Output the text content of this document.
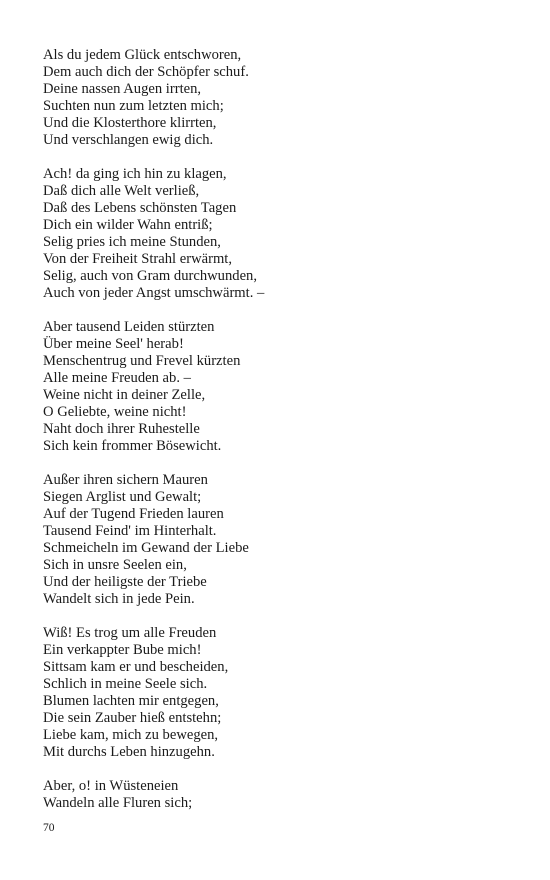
Als du jedem Glück entschworen,
Dem auch dich der Schöpfer schuf.
Deine nassen Augen irrten,
Suchten nun zum letzten mich;
Und die Klosterthore klirrten,
Und verschlangen ewig dich.
Ach! da ging ich hin zu klagen,
Daß dich alle Welt verließ,
Daß des Lebens schönsten Tagen
Dich ein wilder Wahn entriß;
Selig pries ich meine Stunden,
Von der Freiheit Strahl erwärmt,
Selig, auch von Gram durchwunden,
Auch von jeder Angst umschwärmt. –
Aber tausend Leiden stürzten
Über meine Seel' herab!
Menschentrug und Frevel kürzten
Alle meine Freuden ab. –
Weine nicht in deiner Zelle,
O Geliebte, weine nicht!
Naht doch ihrer Ruhestelle
Sich kein frommer Bösewicht.
Außer ihren sichern Mauren
Siegen Arglist und Gewalt;
Auf der Tugend Frieden lauren
Tausend Feind' im Hinterhalt.
Schmeicheln im Gewand der Liebe
Sich in unsre Seelen ein,
Und der heiligste der Triebe
Wandelt sich in jede Pein.
Wiß! Es trog um alle Freuden
Ein verkappter Bube mich!
Sittsam kam er und bescheiden,
Schlich in meine Seele sich.
Blumen lachten mir entgegen,
Die sein Zauber hieß entstehn;
Liebe kam, mich zu bewegen,
Mit durchs Leben hinzugehn.
Aber, o! in Wüsteneien
Wandeln alle Fluren sich;
70
